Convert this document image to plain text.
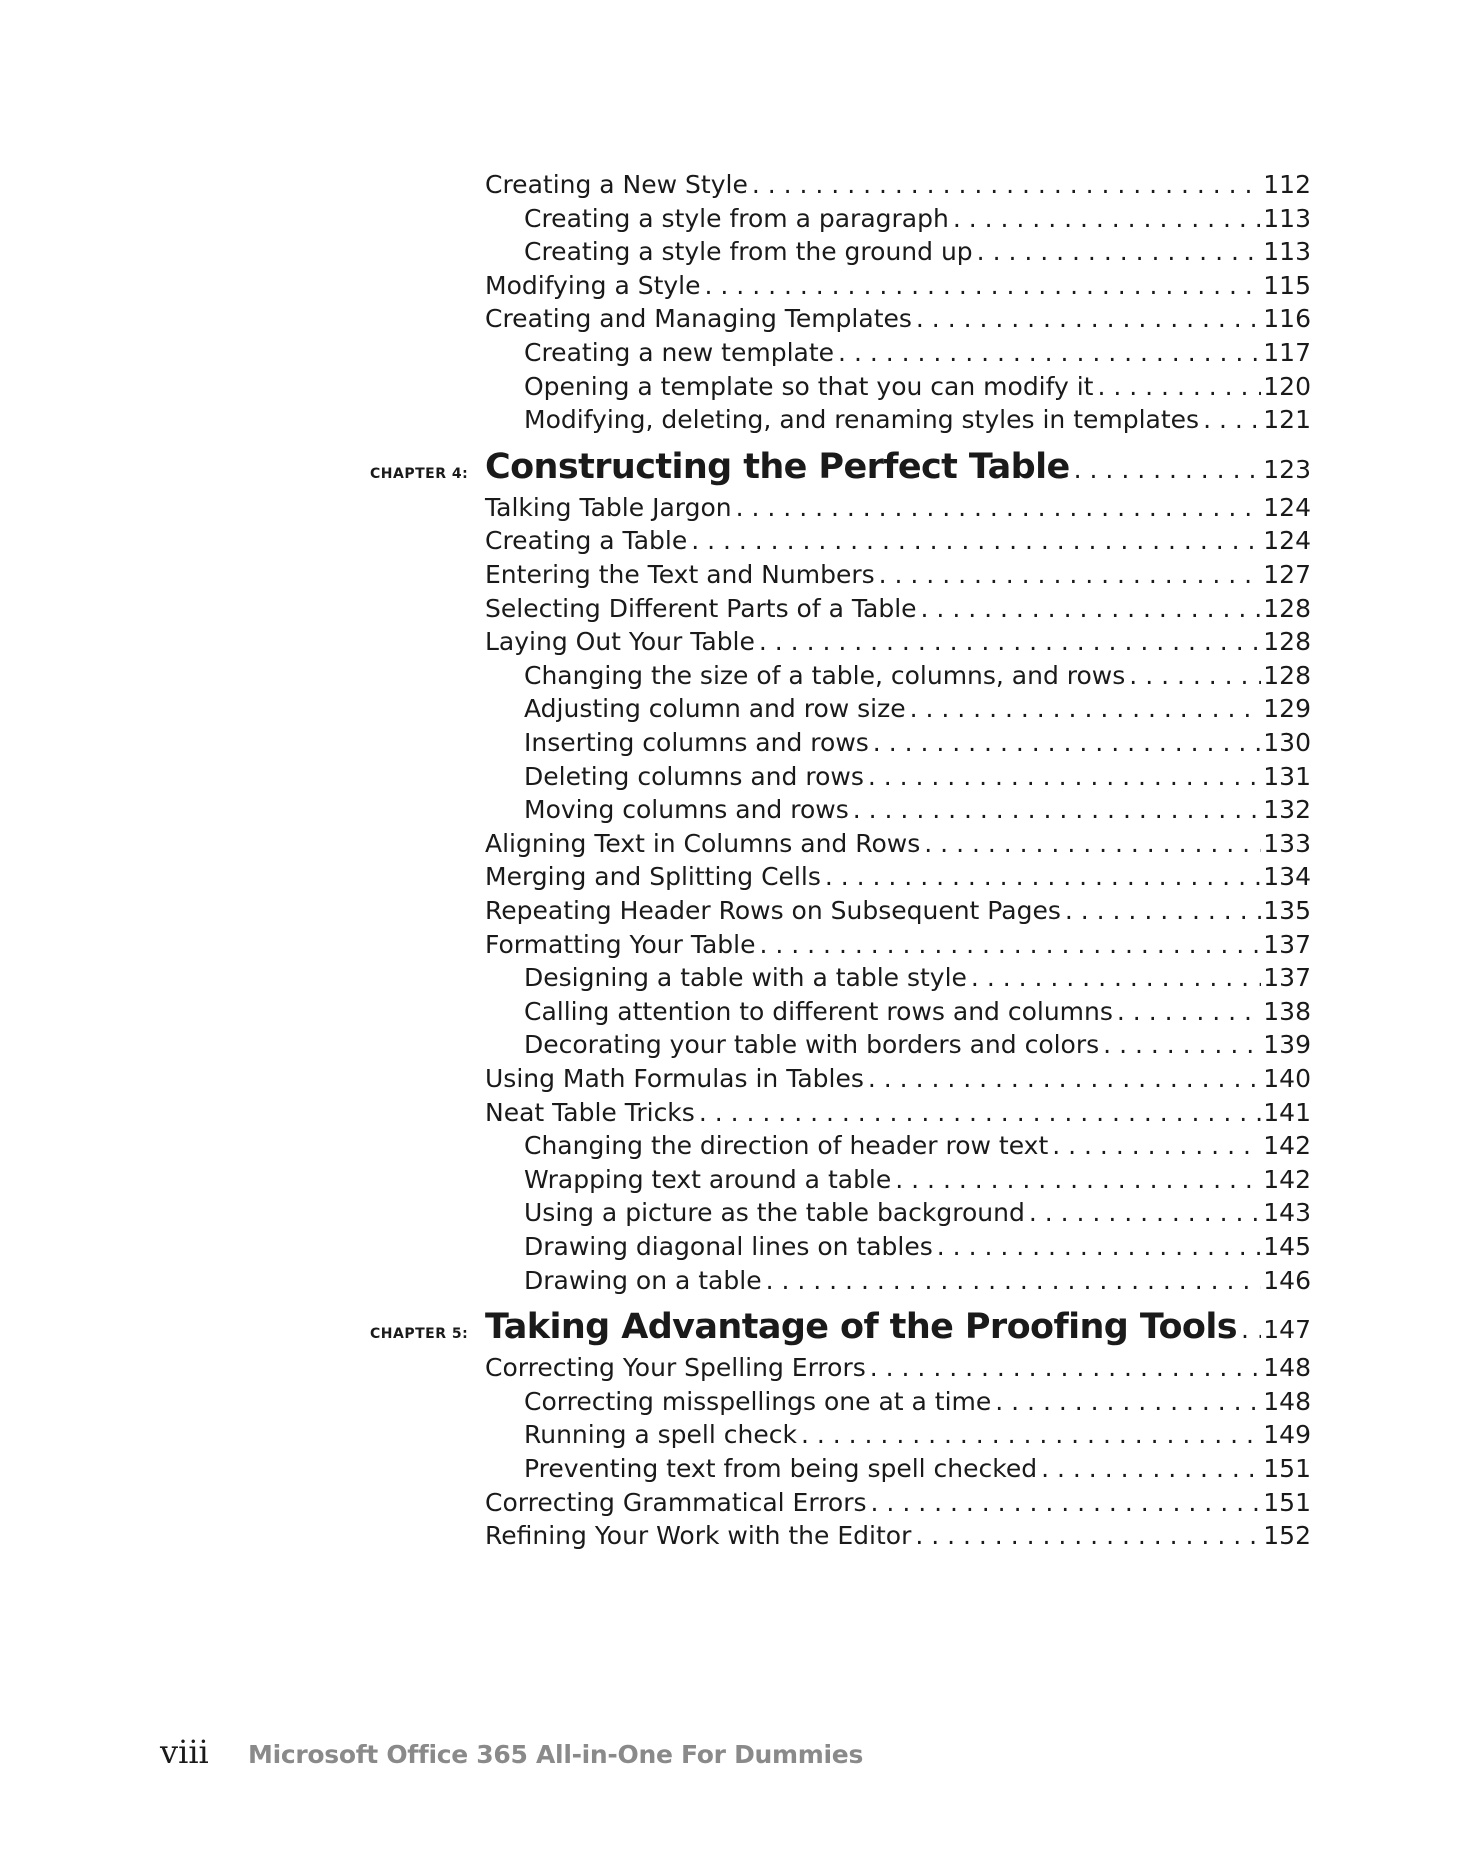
Creating a New Style . . .	112
Creating a style from a paragraph . . .	113
Creating a style from the ground up . . .	113
Modifying a Style . . .	115
Creating and Managing Templates . . .	116
Creating a new template . . .	117
Opening a template so that you can modify it . . .	120
Modifying, deleting, and renaming styles in templates . . .	121
CHAPTER 4: Constructing the Perfect Table . . .	123
Talking Table Jargon . . .	124
Creating a Table . . .	124
Entering the Text and Numbers . . .	127
Selecting Different Parts of a Table . . .	128
Laying Out Your Table . . .	128
Changing the size of a table, columns, and rows . . .	128
Adjusting column and row size . . .	129
Inserting columns and rows . . .	130
Deleting columns and rows . . .	131
Moving columns and rows . . .	132
Aligning Text in Columns and Rows . . .	133
Merging and Splitting Cells . . .	134
Repeating Header Rows on Subsequent Pages . . .	135
Formatting Your Table . . .	137
Designing a table with a table style . . .	137
Calling attention to different rows and columns . . .	138
Decorating your table with borders and colors . . .	139
Using Math Formulas in Tables . . .	140
Neat Table Tricks . . .	141
Changing the direction of header row text . . .	142
Wrapping text around a table . . .	142
Using a picture as the table background . . .	143
Drawing diagonal lines on tables . . .	145
Drawing on a table . . .	146
CHAPTER 5: Taking Advantage of the Proofing Tools . . . 147
Correcting Your Spelling Errors . . .	148
Correcting misspellings one at a time . . .	148
Running a spell check . . .	149
Preventing text from being spell checked . . .	151
Correcting Grammatical Errors . . .	151
Refining Your Work with the Editor . . .	152
viii	Microsoft Office 365 All-in-One For Dummies
